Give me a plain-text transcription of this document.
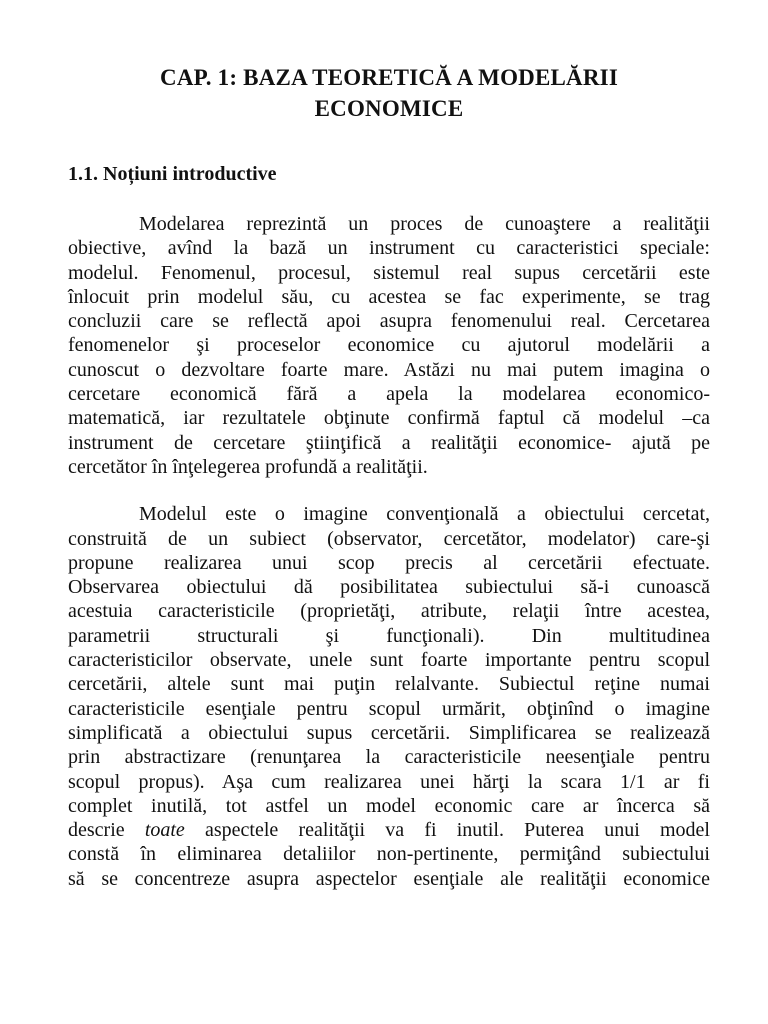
CAP. 1: BAZA TEORETICĂ A MODELĂRII
ECONOMICE
1.1. Noțiuni introductive

Modelarea reprezintă un proces de cunoaştere a realităţii
obiective, avînd la bază un instrument cu caracteristici speciale:
modelul. Fenomenul, procesul, sistemul real supus cercetării este
înlocuit prin modelul său, cu acestea se fac experimente, se trag
concluzii care se reflectă apoi asupra fenomenului real. Cercetarea
fenomenelor şi proceselor economice cu ajutorul modelării a
cunoscut o dezvoltare foarte mare. Astăzi nu mai putem imagina o
cercetare economică fără a apela la modelarea economico-
matematică, iar rezultatele obţinute confirmă faptul că modelul –ca
instrument de cercetare ştiinţifică a realităţii economice- ajută pe
cercetător în înţelegerea profundă a realităţii.

Modelul este o imagine convenţională a obiectului cercetat,
construită de un subiect (observator, cercetător, modelator) care-şi
propune realizarea unui scop precis al cercetării efectuate.
Observarea obiectului dă posibilitatea subiectului să-i cunoască
acestuia caracteristicile (proprietăţi, atribute, relaţii între acestea,
parametrii structurali şi funcţionali). Din multitudinea
caracteristicilor observate, unele sunt foarte importante pentru scopul
cercetării, altele sunt mai puţin relalvante. Subiectul reţine numai
caracteristicile esenţiale pentru scopul urmărit, obţinînd o imagine
simplificată a obiectului supus cercetării. Simplificarea se realizează
prin abstractizare (renunţarea la caracteristicile neesenţiale pentru
scopul propus). Aşa cum realizarea unei hărţi la scara 1/1 ar fi
complet inutilă, tot astfel un model economic care ar încerca să
descrie toate aspectele realităţii va fi inutil. Puterea unui model
constă în eliminarea detaliilor non-pertinente, permiţând subiectului
să se concentreze asupra aspectelor esenţiale ale realităţii economice
